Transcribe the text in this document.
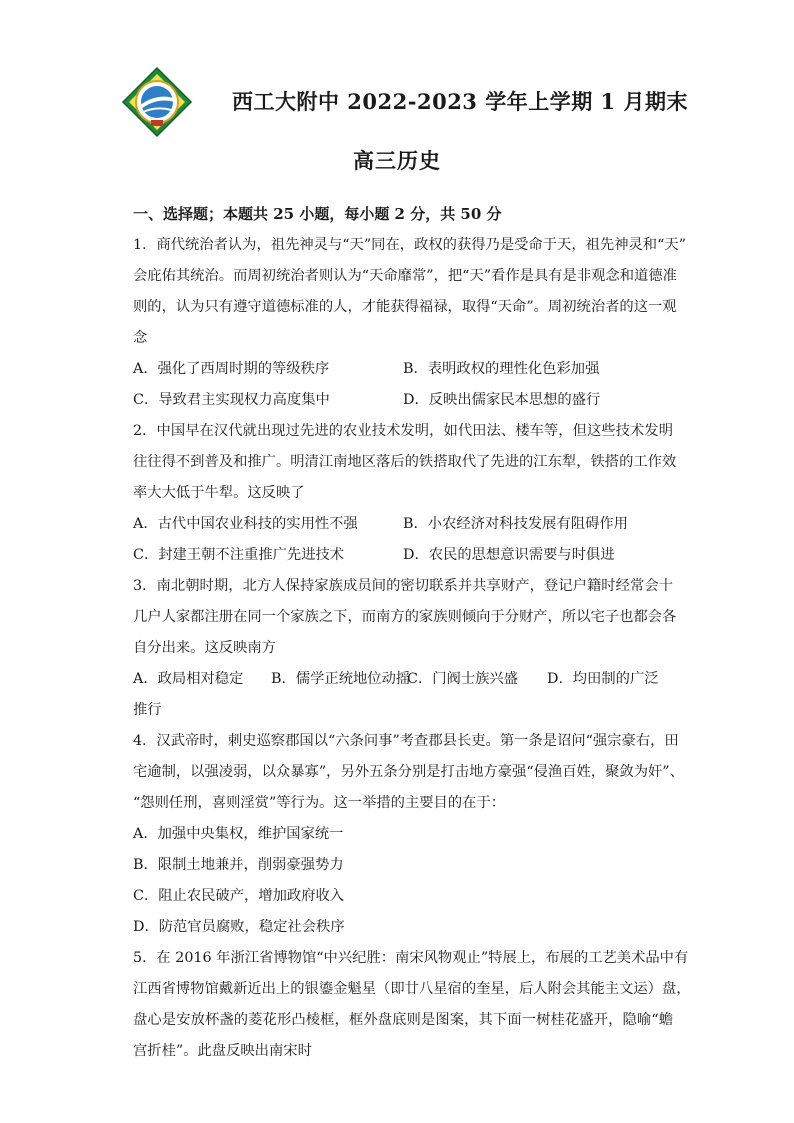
西工大附中 2022-2023 学年上学期 1 月期末
高三历史
一、选择题；本题共 25 小题，每小题 2 分，共 50 分
1．商代统治者认为，祖先神灵与“天”同在，政权的获得乃是受命于天，祖先神灵和“天”
会庇佑其统治。而周初统治者则认为“天命靡常”，把“天”看作是具有是非观念和道德准
则的，认为只有遵守道德标准的人，才能获得福禄，取得“天命”。周初统治者的这一观
念
A．强化了西周时期的等级秩序	B．表明政权的理性化色彩加强
C．导致君主实现权力高度集中	D．反映出儒家民本思想的盛行
2．中国早在汉代就出现过先进的农业技术发明，如代田法、楼车等，但这些技术发明
往往得不到普及和推广。明清江南地区落后的铁搭取代了先进的江东犁，铁搭的工作效
率大大低于牛犁。这反映了
A．古代中国农业科技的实用性不强	B．小农经济对科技发展有阻碍作用
C．封建王朝不注重推广先进技术	D．农民的思想意识需要与时俱进
3．南北朝时期，北方人保持家族成员间的密切联系并共享财产，登记户籍时经常会十
几户人家都注册在同一个家族之下，而南方的家族则倾向于分财产，所以宅子也都会各
自分出来。这反映南方
A．政局相对稳定	B．儒学正统地位动摇
C．门阀士族兴盛	D．均田制的广泛
推行
4．汉武帝时，刺史巡察郡国以“六条问事”考查郡县长吏。第一条是诏问“强宗豪右，田
宅逾制，以强凌弱，以众暴寡”，另外五条分别是打击地方豪强“侵渔百姓，聚敛为奸”、
“怨则任刑，喜则淫赏”等行为。这一举措的主要目的在于：
A．加强中央集权，维护国家统一
B．限制土地兼并，削弱豪强势力
C．阻止农民破产，增加政府收入
D．防范官员腐败，稳定社会秩序
5．在 2016 年浙江省博物馆“中兴纪胜：南宋风物观止”特展上，布展的工艺美术品中有
江西省博物馆戴新近出上的银鎏金魁星（即廿八星宿的奎星，后人附会其能主文运）盘，
盘心是安放杯盏的菱花形凸棱框，框外盘底则是图案，其下面一树桂花盛开，隐喻“蟾
宫折桂”。此盘反映出南宋时
